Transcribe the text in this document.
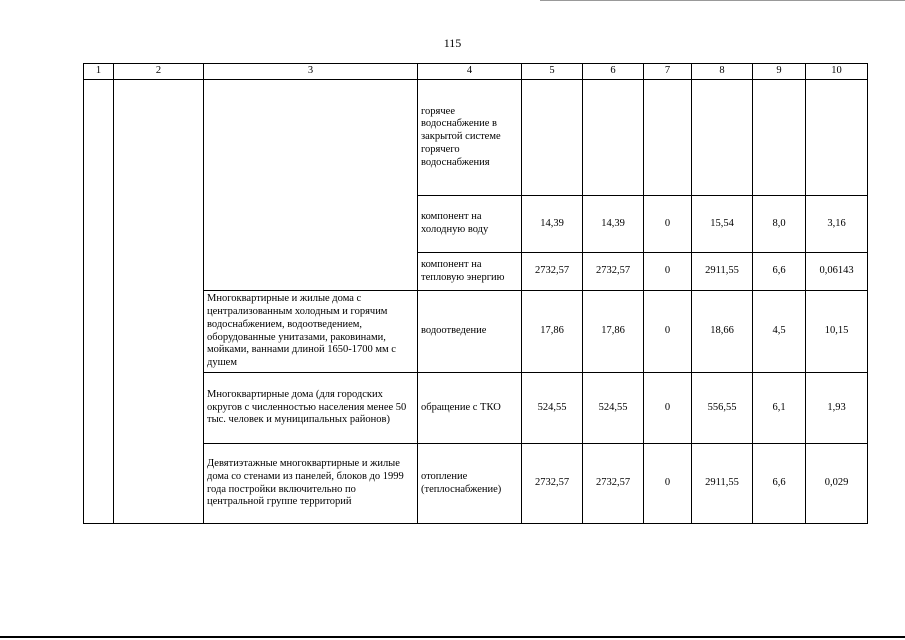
115
1	2	3	4	5	6	7	8	9	10
			горячее водоснабжение в закрытой системе горячего водоснабжения						
			компонент на холодную воду	14,39	14,39	0	15,54	8,0	3,16
			компонент на тепловую энергию	2732,57	2732,57	0	2911,55	6,6	0,06143
		Многоквартирные и жилые дома с централизованным холодным и горячим водоснабжением, водоотведением, оборудованные унитазами, раковинами, мойками, ваннами длиной 1650-1700 мм с душем	водоотведение	17,86	17,86	0	18,66	4,5	10,15
		Многоквартирные дома (для городских округов с численностью населения менее 50 тыс. человек и муниципальных районов)	обращение с ТКО	524,55	524,55	0	556,55	6,1	1,93
		Девятиэтажные многоквартирные и жилые дома со стенами из панелей, блоков до 1999 года постройки включительно по центральной группе территорий	отопление (теплоснабжение)	2732,57	2732,57	0	2911,55	6,6	0,029
